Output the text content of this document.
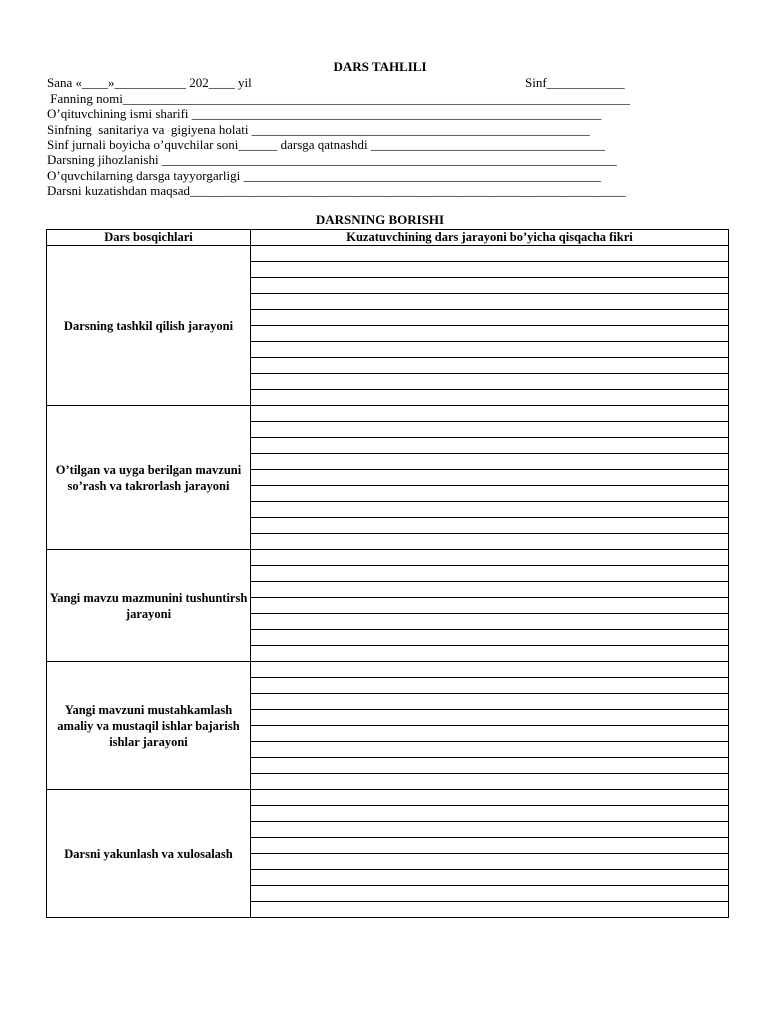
DARS TAHLILI
Sana «____»___________ 202____ yil	Sinf____________
Fanning nomi______________________________________________________________________________
O’qituvchining ismi sharifi _______________________________________________________________
Sinfning  sanitariya va  gigiyena holati ____________________________________________________
Sinf jurnali boyicha o’quvchilar soni______ darsga qatnashdi ____________________________________
Darsning jihozlanishi ______________________________________________________________________
O’quvchilarning darsga tayyorgarligi _______________________________________________________
Darsni kuzatishdan maqsad___________________________________________________________________
DARSNING BORISHI
Dars bosqichlari	Kuzatuvchining dars jarayoni bo’yicha qisqacha fikri
Darsning tashkil qilish jarayoni	

O’tilgan va uyga berilgan mavzuni so’rash va takrorlash jarayoni	

Yangi mavzu mazmunini tushuntirsh jarayoni	

Yangi mavzuni mustahkamlash amaliy va mustaqil ishlar bajarish ishlar jarayoni	

Darsni yakunlash va xulosalash	
